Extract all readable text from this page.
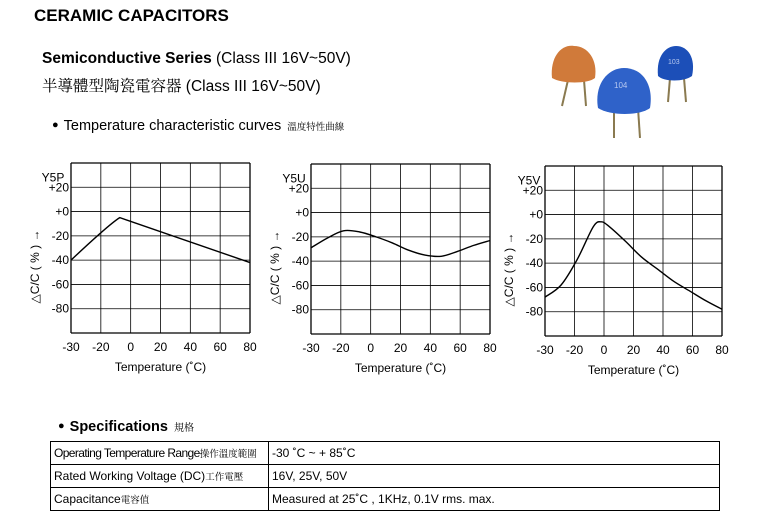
CERAMIC CAPACITORS
Semiconductive Series (Class III 16V~50V)
半導體型陶瓷電容器 (Class III 16V~50V)	104
103
● Temperature characteristic curves 溫度特性曲線
-30 -20 0 20 40 60 80
+20
+0
-20
-40
-60
-80
Y5P
△C/C ( % ) →
Temperature (˚C)
-30 -20 0 20 40 60 80
+20
+0
-20
-40
-60
-80
Y5U
△C/C ( % ) →
Temperature (˚C)
-30 -20 0 20 40 60 80
+20
+0
-20
-40
-60
-80
Y5V
△C/C ( % ) →
Temperature (˚C)
● Specifications 規格
Operating Temperature Range操作溫度範圍	-30 ˚C ~ + 85˚C
Rated Working Voltage (DC)工作電壓	16V, 25V, 50V
Capacitance電容值	Measured at 25˚C , 1KHz, 0.1V rms. max.
